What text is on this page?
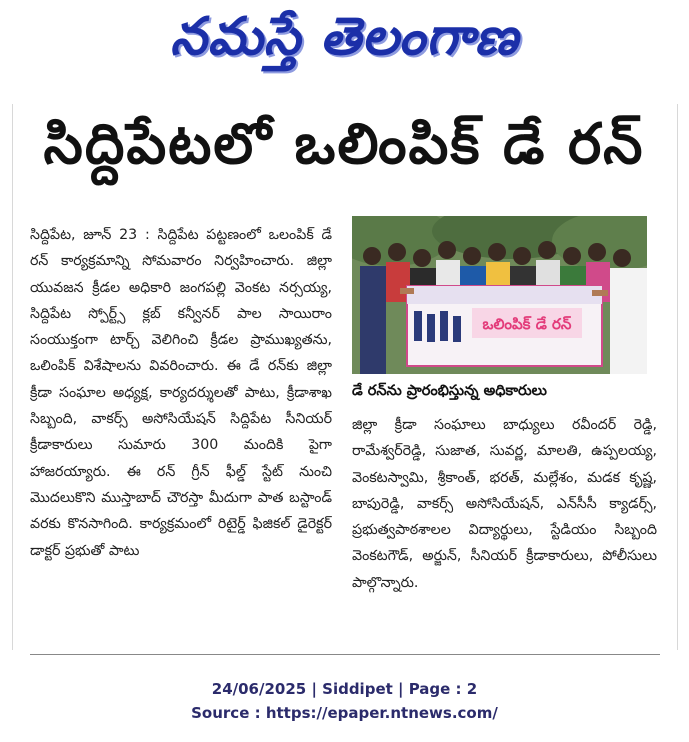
నమస్తే తెలంగాణ
సిద్దిపేటలో ఒలింపిక్ డే రన్
సిద్దిపేట, జూన్ 23 : సిద్దిపేట పట్టణంలో ఒలంపిక్ డే రన్ కార్యక్రమాన్ని సోమవారం నిర్వహించారు. జిల్లా యువజన క్రీడల అధికారి జంగపల్లి వెంకట నర్సయ్య, సిద్దిపేట స్పోర్ట్స్ క్లబ్ కన్వీనర్ పాల సాయిరాం సంయుక్తంగా టార్చ్ వెలిగించి క్రీడల ప్రాముఖ్యతను, ఒలింపిక్ విశేషాలను వివరించారు. ఈ డే రన్‌కు జిల్లా క్రీడా సంఘాల అధ్యక్ష, కార్యదర్శులతో పాటు, క్రీడాశాఖ సిబ్బంది, వాకర్స్ అసోసియేషన్ సిద్దిపేట సీనియర్ క్రీడాకారులు సుమారు 300 మందికి పైగా హాజరయ్యారు. ఈ రన్ గ్రీన్ ఫీల్డ్ స్టేట్ నుంచి మొదలుకొని ముస్తాబాద్ చౌరస్తా మీదుగా పాత బస్టాండ్ వరకు కొనసాగింది. కార్యక్రమంలో రిటైర్డ్ ఫిజికల్ డైరెక్టర్ డాక్టర్ ప్రభుతో పాటు
ఒలింపిక్ డే రన్
డే రన్‌ను ప్రారంభిస్తున్న అధికారులు
జిల్లా క్రీడా సంఘాలు బాధ్యులు రవీందర్ రెడ్డి, రామేశ్వర్‌రెడ్డి, సుజాత, సువర్ణ, మాలతి, ఉప్పలయ్య, వెంకటస్వామి, శ్రీకాంత్, భరత్, మల్లేశం, మడక కృష్ణ, బాపురెడ్డి, వాకర్స్ అసోసియేషన్, ఎన్‌సీసీ క్యాడర్స్, ప్రభుత్వపాఠశాలల విద్యార్థులు, స్టేడియం సిబ్బంది వెంకటగౌడ్, అర్జున్, సీనియర్ క్రీడాకారులు, పోలీసులు పాల్గొన్నారు.
24/06/2025 | Siddipet | Page : 2
Source : https://epaper.ntnews.com/
